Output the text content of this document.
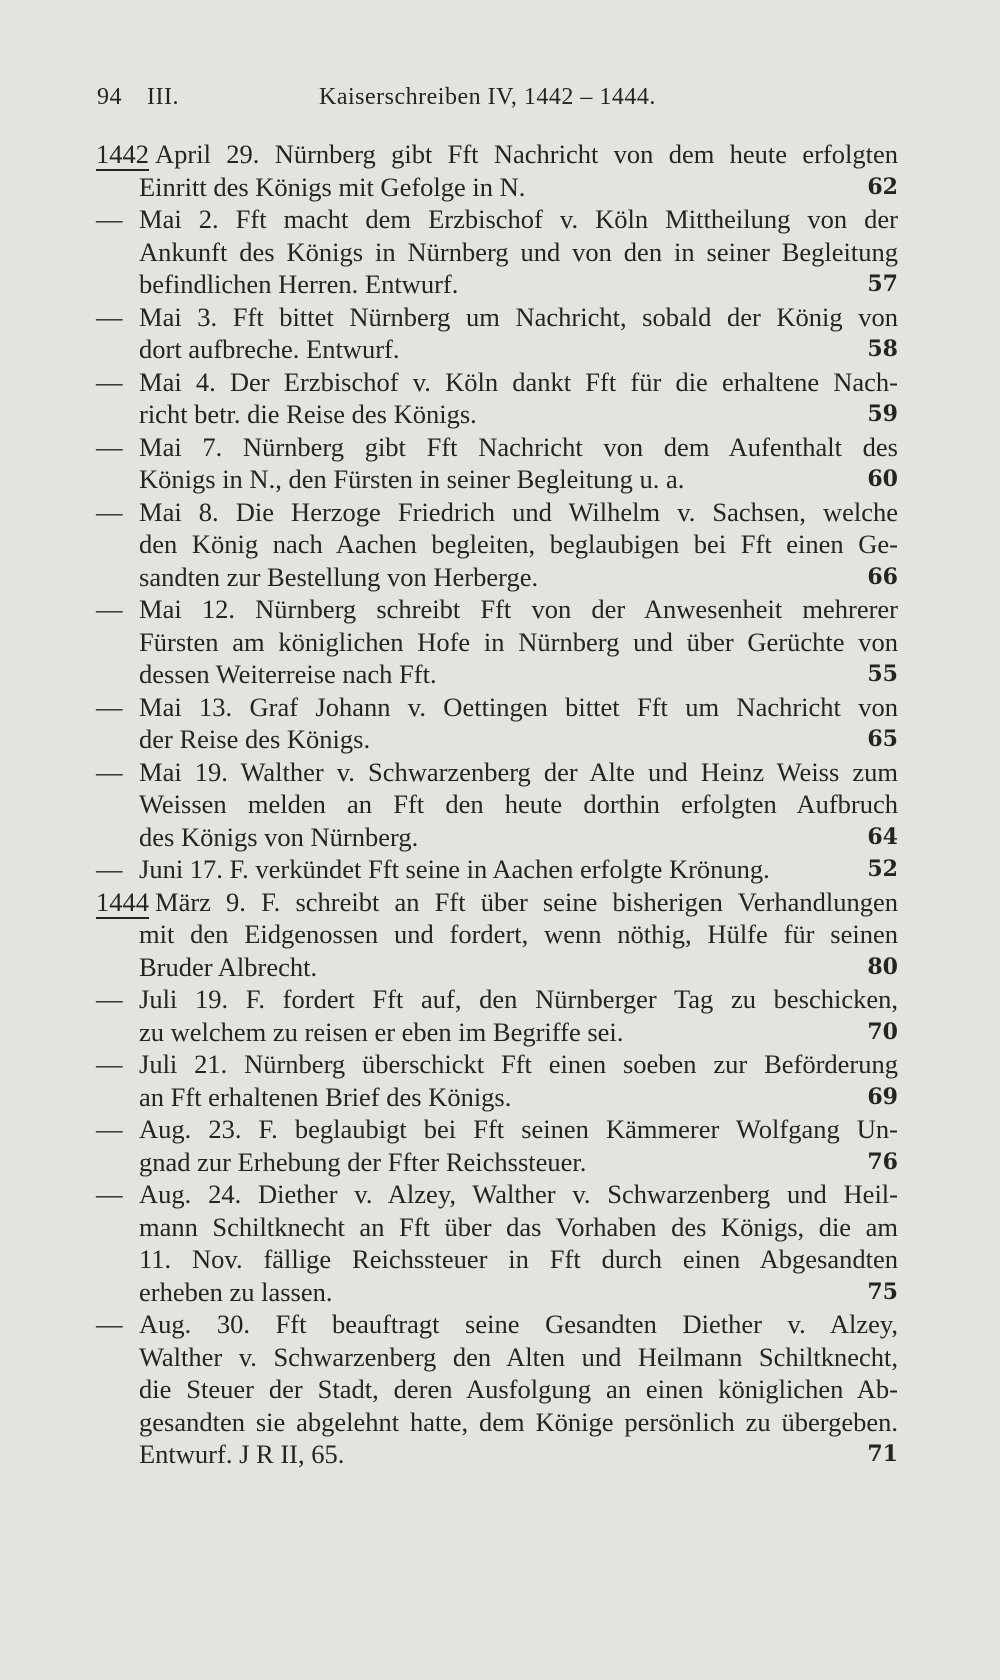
94 III.	Kaiserschreiben IV, 1442 – 1444.
1442 April 29. Nürnberg gibt Fft Nachricht von dem heute erfolgten
Einritt des Königs mit Gefolge in N.	62
— Mai 2. Fft macht dem Erzbischof v. Köln Mittheilung von der
Ankunft des Königs in Nürnberg und von den in seiner Begleitung
befindlichen Herren. Entwurf.	57
— Mai 3. Fft bittet Nürnberg um Nachricht, sobald der König von
dort aufbreche. Entwurf.	58
— Mai 4. Der Erzbischof v. Köln dankt Fft für die erhaltene Nach-
richt betr. die Reise des Königs.	59
— Mai 7. Nürnberg gibt Fft Nachricht von dem Aufenthalt des
Königs in N., den Fürsten in seiner Begleitung u. a.	60
— Mai 8. Die Herzoge Friedrich und Wilhelm v. Sachsen, welche
den König nach Aachen begleiten, beglaubigen bei Fft einen Ge-
sandten zur Bestellung von Herberge.	66
— Mai 12. Nürnberg schreibt Fft von der Anwesenheit mehrerer
Fürsten am königlichen Hofe in Nürnberg und über Gerüchte von
dessen Weiterreise nach Fft.	55
— Mai 13. Graf Johann v. Oettingen bittet Fft um Nachricht von
der Reise des Königs.	65
— Mai 19. Walther v. Schwarzenberg der Alte und Heinz Weiss zum
Weissen melden an Fft den heute dorthin erfolgten Aufbruch
des Königs von Nürnberg.	64
— Juni 17. F. verkündet Fft seine in Aachen erfolgte Krönung.	52
1444 März 9. F. schreibt an Fft über seine bisherigen Verhandlungen
mit den Eidgenossen und fordert, wenn nöthig, Hülfe für seinen
Bruder Albrecht.	80
— Juli 19. F. fordert Fft auf, den Nürnberger Tag zu beschicken,
zu welchem zu reisen er eben im Begriffe sei.	70
— Juli 21. Nürnberg überschickt Fft einen soeben zur Beförderung
an Fft erhaltenen Brief des Königs.	69
— Aug. 23. F. beglaubigt bei Fft seinen Kämmerer Wolfgang Un-
gnad zur Erhebung der Ffter Reichssteuer.	76
— Aug. 24. Diether v. Alzey, Walther v. Schwarzenberg und Heil-
mann Schiltknecht an Fft über das Vorhaben des Königs, die am
11. Nov. fällige Reichssteuer in Fft durch einen Abgesandten
erheben zu lassen.	75
— Aug. 30. Fft beauftragt seine Gesandten Diether v. Alzey,
Walther v. Schwarzenberg den Alten und Heilmann Schiltknecht,
die Steuer der Stadt, deren Ausfolgung an einen königlichen Ab-
gesandten sie abgelehnt hatte, dem Könige persönlich zu übergeben.
Entwurf. J R II, 65.	71
